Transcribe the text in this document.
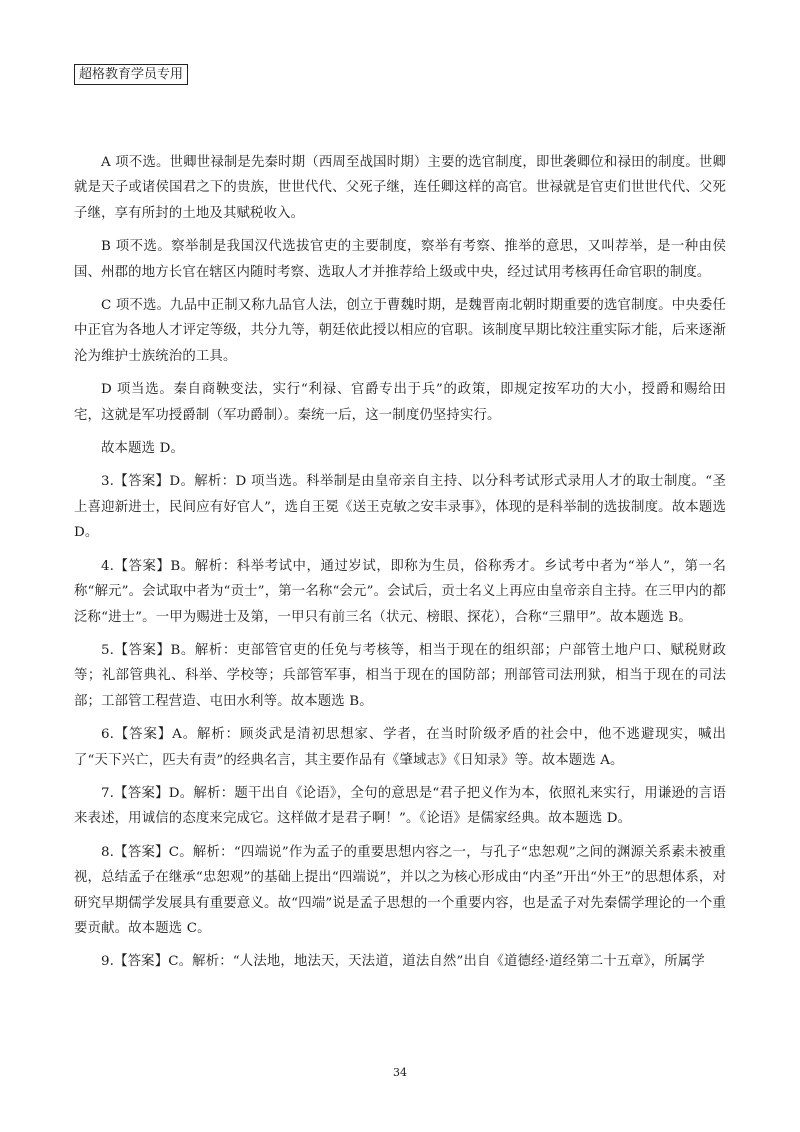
超格教育学员专用

A 项不选。世卿世禄制是先秦时期（西周至战国时期）主要的选官制度，即世袭卿位和禄田的制度。世卿就是天子或诸侯国君之下的贵族，世世代代、父死子继，连任卿这样的高官。世禄就是官吏们世世代代、父死子继，享有所封的土地及其赋税收入。

B 项不选。察举制是我国汉代选拔官吏的主要制度，察举有考察、推举的意思，又叫荐举，是一种由侯国、州郡的地方长官在辖区内随时考察、选取人才并推荐给上级或中央，经过试用考核再任命官职的制度。

C 项不选。九品中正制又称九品官人法，创立于曹魏时期，是魏晋南北朝时期重要的选官制度。中央委任中正官为各地人才评定等级，共分九等，朝廷依此授以相应的官职。该制度早期比较注重实际才能，后来逐渐沦为维护士族统治的工具。

D 项当选。秦自商鞅变法，实行“利禄、官爵专出于兵”的政策，即规定按军功的大小，授爵和赐给田宅，这就是军功授爵制（军功爵制）。秦统一后，这一制度仍坚持实行。

故本题选 D。

3.【答案】D。解析：D 项当选。科举制是由皇帝亲自主持、以分科考试形式录用人才的取士制度。“圣上喜迎新进士，民间应有好官人”，选自王冕《送王克敏之安丰录事》，体现的是科举制的选拔制度。故本题选 D。

4.【答案】B。解析：科举考试中，通过岁试，即称为生员，俗称秀才。乡试考中者为“举人”，第一名称“解元”。会试取中者为“贡士”，第一名称“会元”。会试后，贡士名义上再应由皇帝亲自主持。在三甲内的都泛称“进士”。一甲为赐进士及第，一甲只有前三名（状元、榜眼、探花），合称“三鼎甲”。故本题选 B。

5.【答案】B。解析：吏部管官吏的任免与考核等，相当于现在的组织部；户部管土地户口、赋税财政等；礼部管典礼、科举、学校等；兵部管军事，相当于现在的国防部；刑部管司法刑狱，相当于现在的司法部；工部管工程营造、屯田水利等。故本题选 B。

6.【答案】A。解析：顾炎武是清初思想家、学者，在当时阶级矛盾的社会中，他不逃避现实，喊出了“天下兴亡，匹夫有责”的经典名言，其主要作品有《肇域志》《日知录》等。故本题选 A。

7.【答案】D。解析：题干出自《论语》，全句的意思是“君子把义作为本，依照礼来实行，用谦逊的言语来表述，用诚信的态度来完成它。这样做才是君子啊！”。《论语》是儒家经典。故本题选 D。

8.【答案】C。解析：“四端说”作为孟子的重要思想内容之一，与孔子“忠恕观”之间的渊源关系素未被重视，总结孟子在继承“忠恕观”的基础上提出“四端说”，并以之为核心形成由“内圣”开出“外王”的思想体系，对研究早期儒学发展具有重要意义。故“四端”说是孟子思想的一个重要内容，也是孟子对先秦儒学理论的一个重要贡献。故本题选 C。

9.【答案】C。解析：“人法地，地法天，天法道，道法自然”出自《道德经·道经第二十五章》，所属学

34
